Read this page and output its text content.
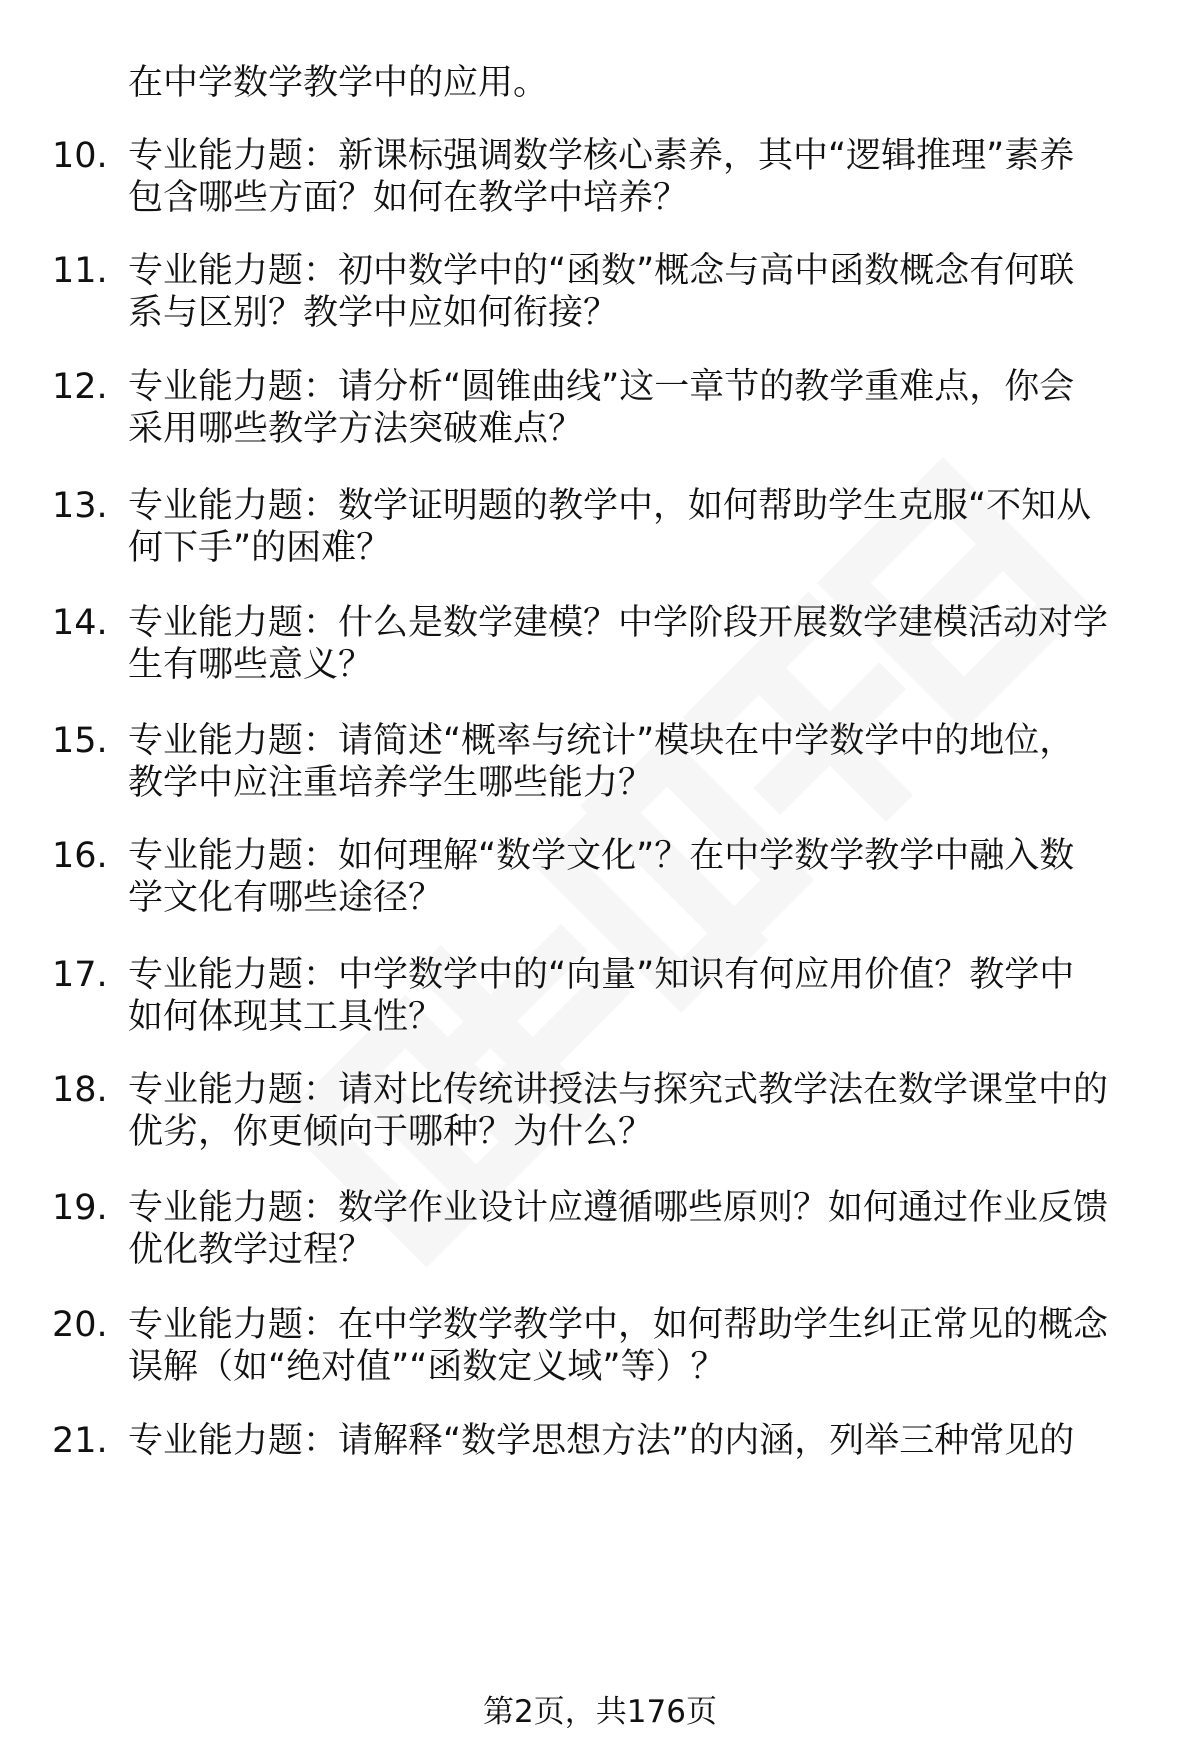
在中学数学教学中的应用。
10. 专业能力题：新课标强调数学核心素养，其中“逻辑推理”素养
包含哪些方面？如何在教学中培养？
11. 专业能力题：初中数学中的“函数”概念与高中函数概念有何联
系与区别？教学中应如何衔接？
12. 专业能力题：请分析“圆锥曲线”这一章节的教学重难点，你会
采用哪些教学方法突破难点？
13. 专业能力题：数学证明题的教学中，如何帮助学生克服“不知从
何下手”的困难？
14. 专业能力题：什么是数学建模？中学阶段开展数学建模活动对学
生有哪些意义？
15. 专业能力题：请简述“概率与统计”模块在中学数学中的地位，
教学中应注重培养学生哪些能力？
16. 专业能力题：如何理解“数学文化”？在中学数学教学中融入数
学文化有哪些途径？
17. 专业能力题：中学数学中的“向量”知识有何应用价值？教学中
如何体现其工具性？
18. 专业能力题：请对比传统讲授法与探究式教学法在数学课堂中的
优劣，你更倾向于哪种？为什么？
19. 专业能力题：数学作业设计应遵循哪些原则？如何通过作业反馈
优化教学过程？
20. 专业能力题：在中学数学教学中，如何帮助学生纠正常见的概念
误解（如“绝对值”“函数定义域”等）？
21. 专业能力题：请解释“数学思想方法”的内涵，列举三种常见的
第2页，共176页
